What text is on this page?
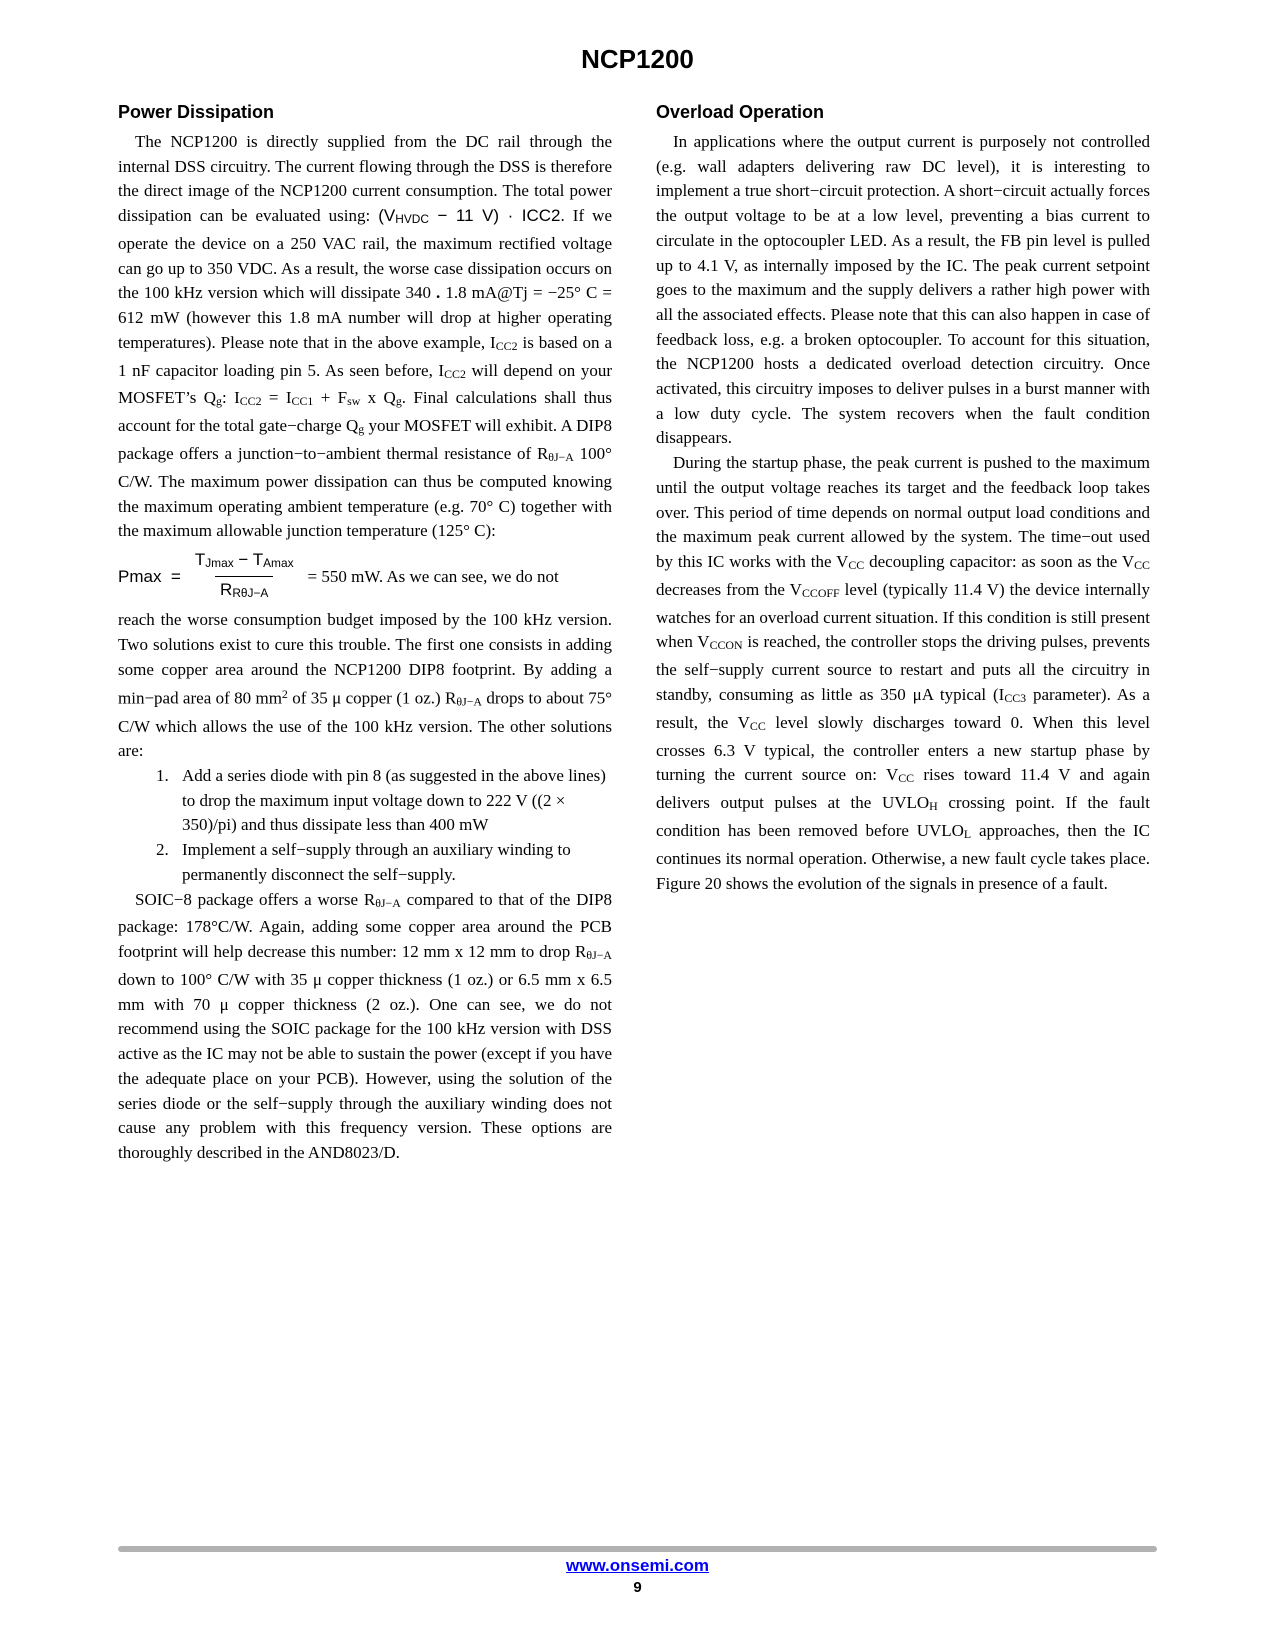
NCP1200
Power Dissipation

The NCP1200 is directly supplied from the DC rail through the internal DSS circuitry. The current flowing through the DSS is therefore the direct image of the NCP1200 current consumption. The total power dissipation can be evaluated using: (VHVDC − 11 V) · ICC2. If we operate the device on a 250 VAC rail, the maximum rectified voltage can go up to 350 VDC. As a result, the worse case dissipation occurs on the 100 kHz version which will dissipate 340 . 1.8 mA@Tj = −25° C = 612 mW (however this 1.8 mA number will drop at higher operating temperatures). Please note that in the above example, ICC2 is based on a 1 nF capacitor loading pin 5. As seen before, ICC2 will depend on your MOSFET’s Qg: ICC2 = ICC1 + Fsw x Qg. Final calculations shall thus account for the total gate−charge Qg your MOSFET will exhibit. A DIP8 package offers a junction−to−ambient thermal resistance of RθJ−A 100° C/W. The maximum power dissipation can thus be computed knowing the maximum operating ambient temperature (e.g. 70° C) together with the maximum allowable junction temperature (125° C):

$Pmax = \frac{TJmax - TAmax}{\text{RRθJ−A}} = 550$ mW. As we can see, we do not

reach the worse consumption budget imposed by the 100 kHz version. Two solutions exist to cure this trouble. The first one consists in adding some copper area around the NCP1200 DIP8 footprint. By adding a min−pad area of 80 $mm^2$ of 35 μ copper (1 oz.) RθJ−A drops to about 75° C/W which allows the use of the 100 kHz version. The other solutions are:

1. Add a series diode with pin 8 (as suggested in the above lines) to drop the maximum input voltage down to 222 V ((2 × 350)/pi) and thus dissipate less than 400 mW
2. Implement a self−supply through an auxiliary winding to permanently disconnect the self−supply.

SOIC−8 package offers a worse RθJ−A compared to that of the DIP8 package: 178°C/W. Again, adding some copper area around the PCB footprint will help decrease this number: 12 mm x 12 mm to drop RθJ−A down to 100° C/W with 35 μ copper thickness (1 oz.) or 6.5 mm x 6.5 mm with 70 μ copper thickness (2 oz.). One can see, we do not recommend using the SOIC package for the 100 kHz version with DSS active as the IC may not be able to sustain the power (except if you have the adequate place on your PCB). However, using the solution of the series diode or the self−supply through the auxiliary winding does not cause any problem with this frequency version. These options are thoroughly described in the AND8023/D.

Overload Operation

In applications where the output current is purposely not controlled (e.g. wall adapters delivering raw DC level), it is interesting to implement a true short−circuit protection. A short−circuit actually forces the output voltage to be at a low level, preventing a bias current to circulate in the optocoupler LED. As a result, the FB pin level is pulled up to 4.1 V, as internally imposed by the IC. The peak current setpoint goes to the maximum and the supply delivers a rather high power with all the associated effects. Please note that this can also happen in case of feedback loss, e.g. a broken optocoupler. To account for this situation, the NCP1200 hosts a dedicated overload detection circuitry. Once activated, this circuitry imposes to deliver pulses in a burst manner with a low duty cycle. The system recovers when the fault condition disappears.

During the startup phase, the peak current is pushed to the maximum until the output voltage reaches its target and the feedback loop takes over. This period of time depends on normal output load conditions and the maximum peak current allowed by the system. The time−out used by this IC works with the VCC decoupling capacitor: as soon as the VCC decreases from the VCCOFF level (typically 11.4 V) the device internally watches for an overload current situation. If this condition is still present when VCCON is reached, the controller stops the driving pulses, prevents the self−supply current source to restart and puts all the circuitry in standby, consuming as little as 350 μA typical (ICC3 parameter). As a result, the VCC level slowly discharges toward 0. When this level crosses 6.3 V typical, the controller enters a new startup phase by turning the current source on: VCC rises toward 11.4 V and again delivers output pulses at the UVLOH crossing point. If the fault condition has been removed before UVLOL approaches, then the IC continues its normal operation. Otherwise, a new fault cycle takes place. Figure 20 shows the evolution of the signals in presence of a fault.

www.onsemi.com
9
